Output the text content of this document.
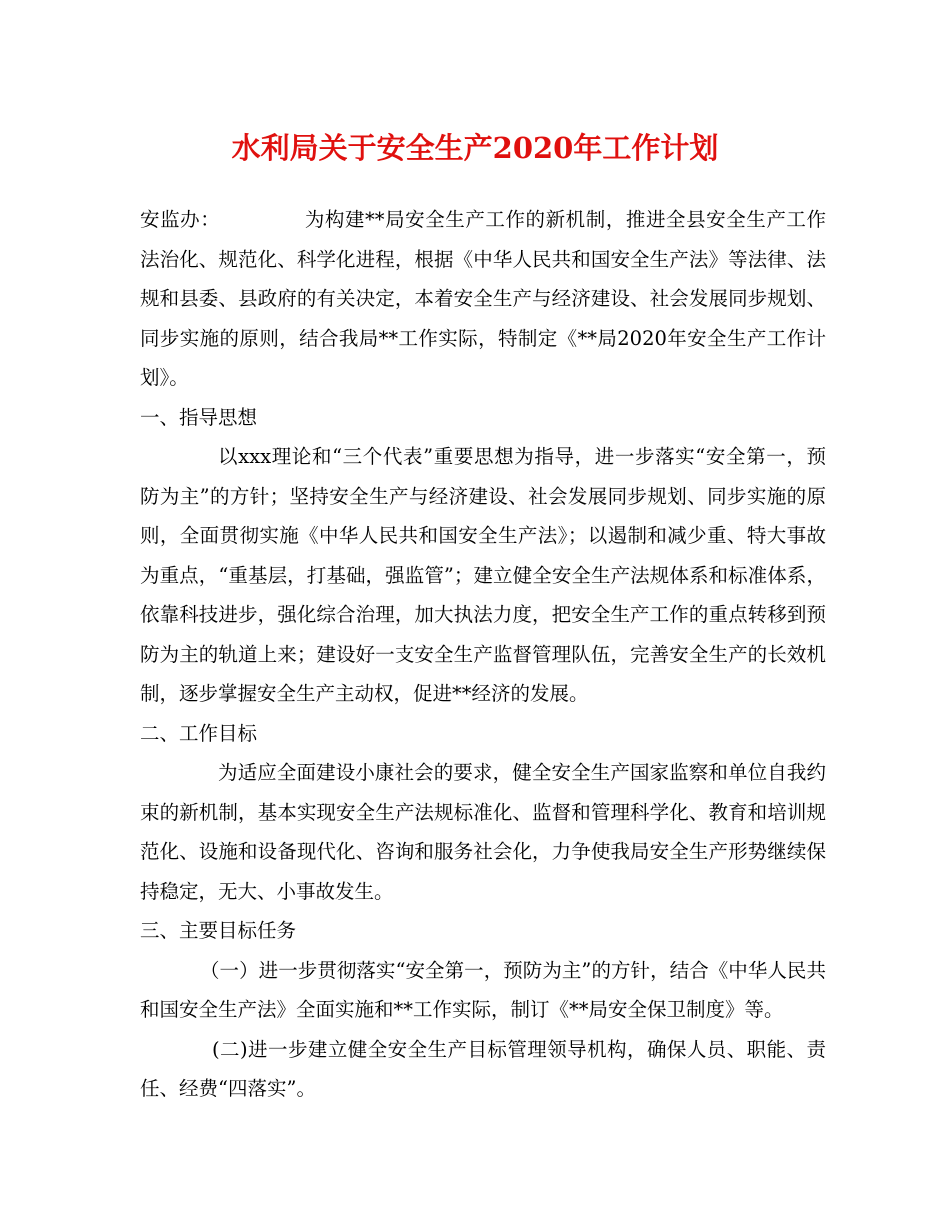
水利局关于安全生产2020年工作计划

安监办：	为构建**局安全生产工作的新机制，推进全县安全生产工作法治化、规范化、科学化进程，根据《中华人民共和国安全生产法》等法律、法规和县委、县政府的有关决定，本着安全生产与经济建设、社会发展同步规划、同步实施的原则，结合我局**工作实际，特制定《**局2020年安全生产工作计划》。

一、指导思想

以xxx理论和“三个代表”重要思想为指导，进一步落实“安全第一，预防为主”的方针；坚持安全生产与经济建设、社会发展同步规划、同步实施的原则，全面贯彻实施《中华人民共和国安全生产法》；以遏制和减少重、特大事故为重点，“重基层，打基础，强监管”；建立健全安全生产法规体系和标准体系，依靠科技进步，强化综合治理，加大执法力度，把安全生产工作的重点转移到预防为主的轨道上来；建设好一支安全生产监督管理队伍，完善安全生产的长效机制，逐步掌握安全生产主动权，促进**经济的发展。

二、工作目标

为适应全面建设小康社会的要求，健全安全生产国家监察和单位自我约束的新机制，基本实现安全生产法规标准化、监督和管理科学化、教育和培训规范化、设施和设备现代化、咨询和服务社会化，力争使我局安全生产形势继续保持稳定，无大、小事故发生。

三、主要目标任务

（一）进一步贯彻落实“安全第一，预防为主”的方针，结合《中华人民共和国安全生产法》全面实施和**工作实际，制订《**局安全保卫制度》等。

(二)进一步建立健全安全生产目标管理领导机构，确保人员、职能、责任、经费“四落实”。
